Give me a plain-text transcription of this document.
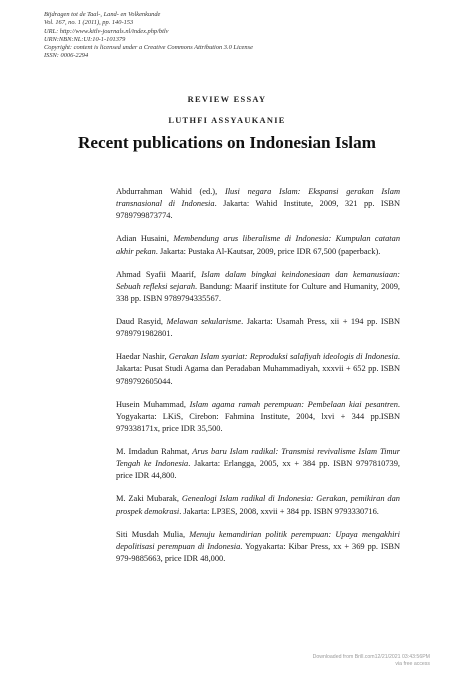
Bijdragen tot de Taal-, Land- en Volkenkunde
Vol. 167, no. 1 (2011), pp. 140-153
URL: http://www.kitlv-journals.nl/index.php/btlv
URN:NBN:NL:UI:10-1-101379
Copyright: content is licensed under a Creative Commons Attribution 3.0 License
ISSN: 0006-2294
REVIEW ESSAY
LUTHFI ASSYAUKANIE
Recent publications on Indonesian Islam
Abdurrahman Wahid (ed.), Ilusi negara Islam: Ekspansi gerakan Islam transnasional di Indonesia. Jakarta: Wahid Institute, 2009, 321 pp. ISBN 9789799873774.
Adian Husaini, Membendung arus liberalisme di Indonesia: Kumpulan catatan akhir pekan. Jakarta: Pustaka Al-Kautsar, 2009, price IDR 67,500 (paperback).
Ahmad Syafii Maarif, Islam dalam bingkai keindonesiaan dan kemanusiaan: Sebuah refleksi sejarah. Bandung: Maarif institute for Culture and Humanity, 2009, 338 pp. ISBN 9789794335567.
Daud Rasyid, Melawan sekularisme. Jakarta: Usamah Press, xii + 194 pp. ISBN 9789791982801.
Haedar Nashir, Gerakan Islam syariat: Reproduksi salafiyah ideologis di Indonesia. Jakarta: Pusat Studi Agama dan Peradaban Muhammadiyah, xxxvii + 652 pp. ISBN 9789792605044.
Husein Muhammad, Islam agama ramah perempuan: Pembelaan kiai pesantren. Yogyakarta: LKiS, Cirebon: Fahmina Institute, 2004, lxvi + 344 pp.ISBN 979338171x, price IDR 35,500.
M. Imdadun Rahmat, Arus baru Islam radikal: Transmisi revivalisme Islam Timur Tengah ke Indonesia. Jakarta: Erlangga, 2005, xx + 384 pp. ISBN 9797810739, price IDR 44,800.
M. Zaki Mubarak, Genealogi Islam radikal di Indonesia: Gerakan, pemikiran dan prospek demokrasi. Jakarta: LP3ES, 2008, xxvii + 384 pp. ISBN 9793330716.
Siti Musdah Mulia, Menuju kemandirian politik perempuan: Upaya mengakhiri depolitisasi perempuan di Indonesia. Yogyakarta: Kibar Press, xx + 369 pp. ISBN 979-9885663, price IDR 48,000.
Downloaded from Brill.com12/21/2021 03:43:56PM
via free access
